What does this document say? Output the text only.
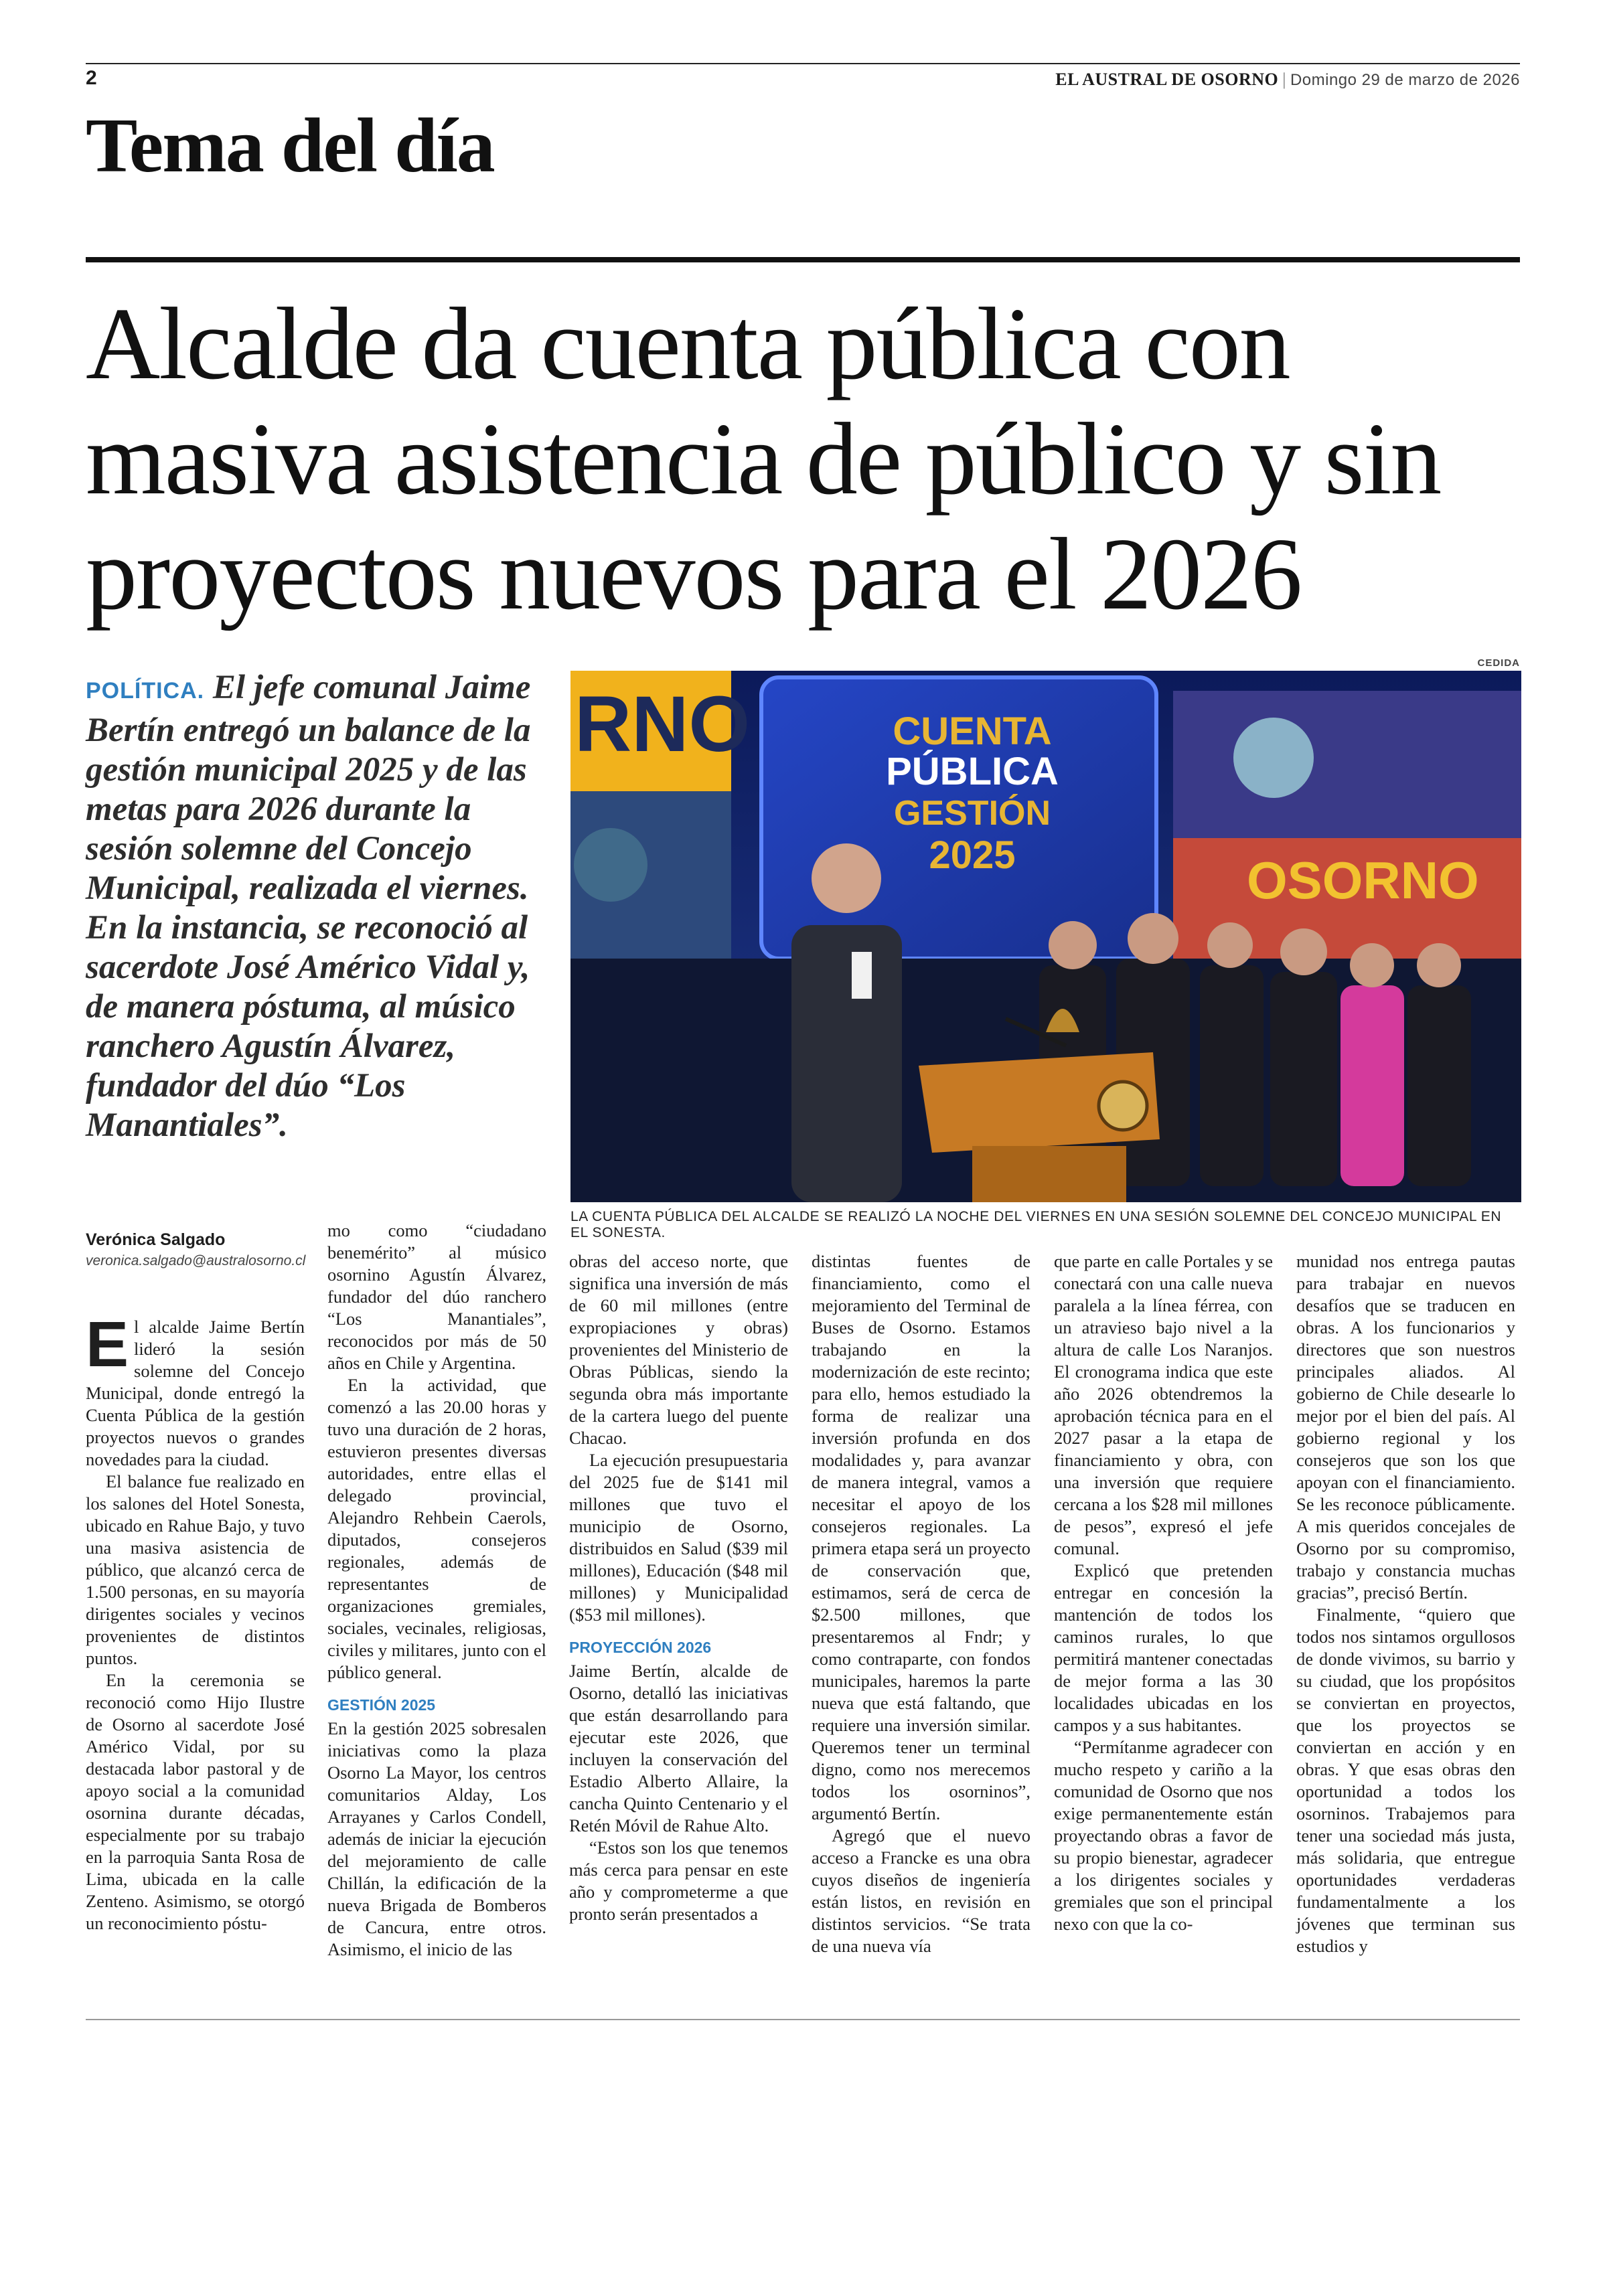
2	EL AUSTRAL DE OSORNO | Domingo 29 de marzo de 2026
Tema del día
Alcalde da cuenta pública con masiva asistencia de público y sin proyectos nuevos para el 2026
POLÍTICA. El jefe comunal Jaime Bertín entregó un balance de la gestión municipal 2025 y de las metas para 2026 durante la sesión solemne del Concejo Municipal, realizada el viernes. En la instancia, se reconoció al sacerdote José Américo Vidal y, de manera póstuma, al músico ranchero Agustín Álvarez, fundador del dúo “Los Manantiales”.
CEDIDA
RNO	CUENTA
PÚBLICA
GESTIÓN
2025	OSORNO
LA CUENTA PÚBLICA DEL ALCALDE SE REALIZÓ LA NOCHE DEL VIERNES EN UNA SESIÓN SOLEMNE DEL CONCEJO MUNICIPAL EN EL SONESTA.
Verónica Salgado
veronica.salgado@australosorno.cl

El alcalde Jaime Bertín lideró la sesión solemne del Concejo Municipal, donde entregó la Cuenta Pública de la gestión proyectos nuevos o grandes novedades para la ciudad.

El balance fue realizado en los salones del Hotel Sonesta, ubicado en Rahue Bajo, y tuvo una masiva asistencia de público, que alcanzó cerca de 1.500 personas, en su mayoría dirigentes sociales y vecinos provenientes de distintos puntos.

En la ceremonia se reconoció como Hijo Ilustre de Osorno al sacerdote José Américo Vidal, por su destacada labor pastoral y de apoyo social a la comunidad osornina durante décadas, especialmente por su trabajo en la parroquia Santa Rosa de Lima, ubicada en la calle Zenteno. Asimismo, se otorgó un reconocimiento póstu-

mo como “ciudadano benemérito” al músico osornino Agustín Álvarez, fundador del dúo ranchero “Los Manantiales”, reconocidos por más de 50 años en Chile y Argentina.

En la actividad, que comenzó a las 20.00 horas y tuvo una duración de 2 horas, estuvieron presentes diversas autoridades, entre ellas el delegado provincial, Alejandro Rehbein Caerols, diputados, consejeros regionales, además de representantes de organizaciones gremiales, sociales, vecinales, religiosas, civiles y militares, junto con el público general.

GESTIÓN 2025

En la gestión 2025 sobresalen iniciativas como la plaza Osorno La Mayor, los centros comunitarios Alday, Los Arrayanes y Carlos Condell, además de iniciar la ejecución del mejoramiento de calle Chillán, la edificación de la nueva Brigada de Bomberos de Cancura, entre otros. Asimismo, el inicio de las

obras del acceso norte, que significa una inversión de más de 60 mil millones (entre expropiaciones y obras) provenientes del Ministerio de Obras Públicas, siendo la segunda obra más importante de la cartera luego del puente Chacao.

La ejecución presupuestaria del 2025 fue de $141 mil millones que tuvo el municipio de Osorno, distribuidos en Salud ($39 mil millones), Educación ($48 mil millones) y Municipalidad ($53 mil millones).

PROYECCIÓN 2026

Jaime Bertín, alcalde de Osorno, detalló las iniciativas que están desarrollando para ejecutar este 2026, que incluyen la conservación del Estadio Alberto Allaire, la cancha Quinto Centenario y el Retén Móvil de Rahue Alto.

“Estos son los que tenemos más cerca para pensar en este año y comprometerme a que pronto serán presentados a

distintas fuentes de financiamiento, como el mejoramiento del Terminal de Buses de Osorno. Estamos trabajando en la modernización de este recinto; para ello, hemos estudiado la forma de realizar una inversión profunda en dos modalidades y, para avanzar de manera integral, vamos a necesitar el apoyo de los consejeros regionales. La primera etapa será un proyecto de conservación que, estimamos, será de cerca de $2.500 millones, que presentaremos al Fndr; y como contraparte, con fondos municipales, haremos la parte nueva que está faltando, que requiere una inversión similar. Queremos tener un terminal digno, como nos merecemos todos los osorninos”, argumentó Bertín.

Agregó que el nuevo acceso a Francke es una obra cuyos diseños de ingeniería están listos, en revisión en distintos servicios. “Se trata de una nueva vía

que parte en calle Portales y se conectará con una calle nueva paralela a la línea férrea, con un atravieso bajo nivel a la altura de calle Los Naranjos. El cronograma indica que este año 2026 obtendremos la aprobación técnica para en el 2027 pasar a la etapa de financiamiento y obra, con una inversión que requiere cercana a los $28 mil millones de pesos”, expresó el jefe comunal.

Explicó que pretenden entregar en concesión la mantención de todos los caminos rurales, lo que permitirá mantener conectadas de mejor forma a las 30 localidades ubicadas en los campos y a sus habitantes.

“Permítanme agradecer con mucho respeto y cariño a la comunidad de Osorno que nos exige permanentemente están proyectando obras a favor de su propio bienestar, agradecer a los dirigentes sociales y gremiales que son el principal nexo con que la co-

munidad nos entrega pautas para trabajar en nuevos desafíos que se traducen en obras. A los funcionarios y directores que son nuestros principales aliados. Al gobierno de Chile desearle lo mejor por el bien del país. Al gobierno regional y los consejeros que son los que apoyan con el financiamiento. Se les reconoce públicamente. A mis queridos concejales de Osorno por su compromiso, trabajo y constancia muchas gracias”, precisó Bertín.

Finalmente, “quiero que todos nos sintamos orgullosos de donde vivimos, su barrio y su ciudad, que los propósitos se conviertan en proyectos, que los proyectos se conviertan en acción y en obras. Y que esas obras den oportunidad a todos los osorninos. Trabajemos para tener una sociedad más justa, más solidaria, que entregue oportunidades verdaderas fundamentalmente a los jóvenes que terminan sus estudios y
